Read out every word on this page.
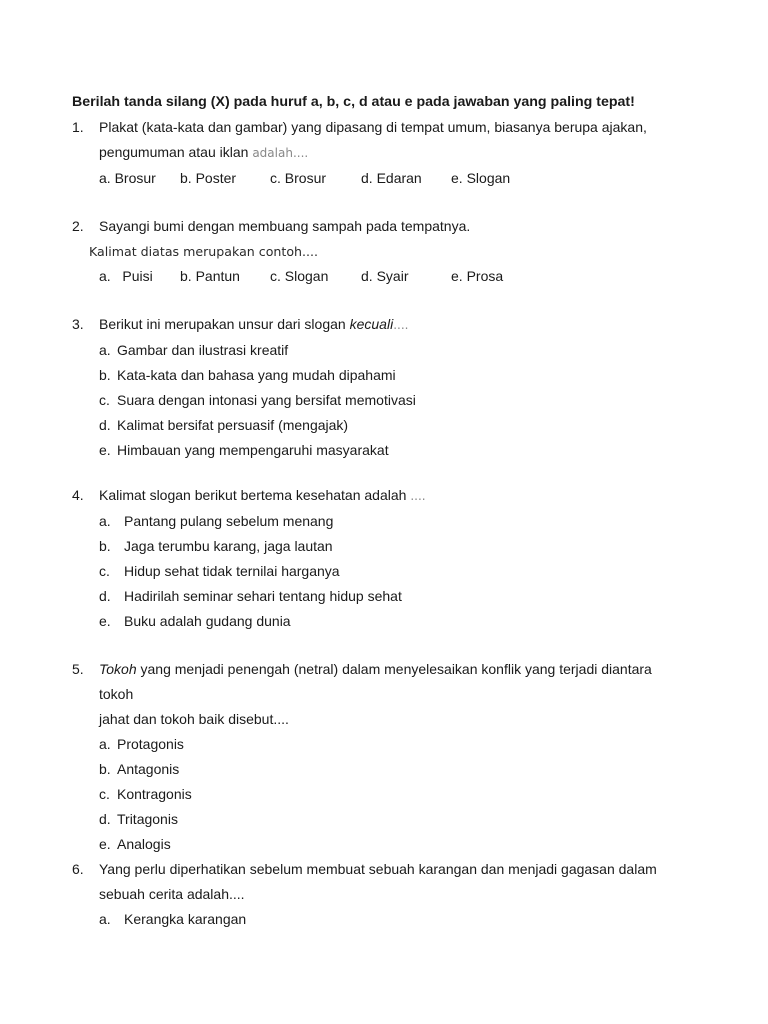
Berilah tanda silang (X) pada huruf a, b, c, d atau e pada jawaban yang paling tepat!
1.	Plakat (kata-kata dan gambar) yang dipasang di tempat umum, biasanya berupa ajakan,
pengumuman atau iklan adalah....
a. Brosur	b. Poster	c. Brosur	d. Edaran	e. Slogan
2.	Sayangi bumi dengan membuang sampah pada tempatnya.
Kalimat diatas merupakan contoh....
a. Puisi	b. Pantun	c. Slogan	d. Syair	e. Prosa
3.	Berikut ini merupakan unsur dari slogan kecuali....
a. Gambar dan ilustrasi kreatif
b. Kata-kata dan bahasa yang mudah dipahami
c. Suara dengan intonasi yang bersifat memotivasi
d. Kalimat bersifat persuasif (mengajak)
e. Himbauan yang mempengaruhi masyarakat
4.	Kalimat slogan berikut bertema kesehatan adalah ....
a. Pantang pulang sebelum menang
b. Jaga terumbu karang, jaga lautan
c.	Hidup sehat tidak ternilai harganya
d. Hadirilah seminar sehari tentang hidup sehat
e. Buku adalah gudang dunia
5.	Tokoh yang menjadi penengah (netral) dalam menyelesaikan konflik yang terjadi diantara tokoh
jahat dan tokoh baik disebut....
a. Protagonis
b. Antagonis
c. Kontragonis
d. Tritagonis
e. Analogis
6.	Yang perlu diperhatikan sebelum membuat sebuah karangan dan menjadi gagasan dalam
sebuah cerita adalah....
a. Kerangka karangan
